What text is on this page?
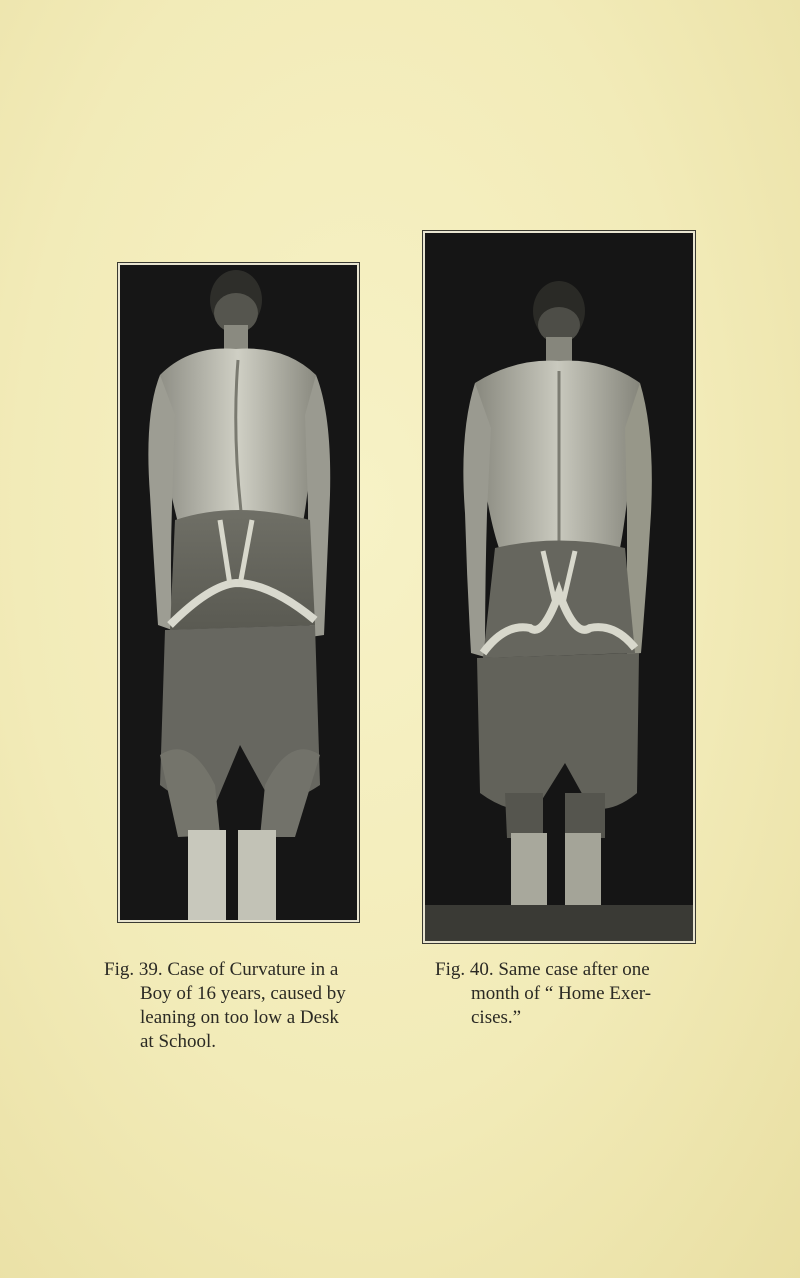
Fig. 39. Case of Curvature in a
Boy of 16 years, caused by
leaning on too low a Desk
at School.
Fig. 40. Same case after one
month of “ Home Exer-
cises.”
